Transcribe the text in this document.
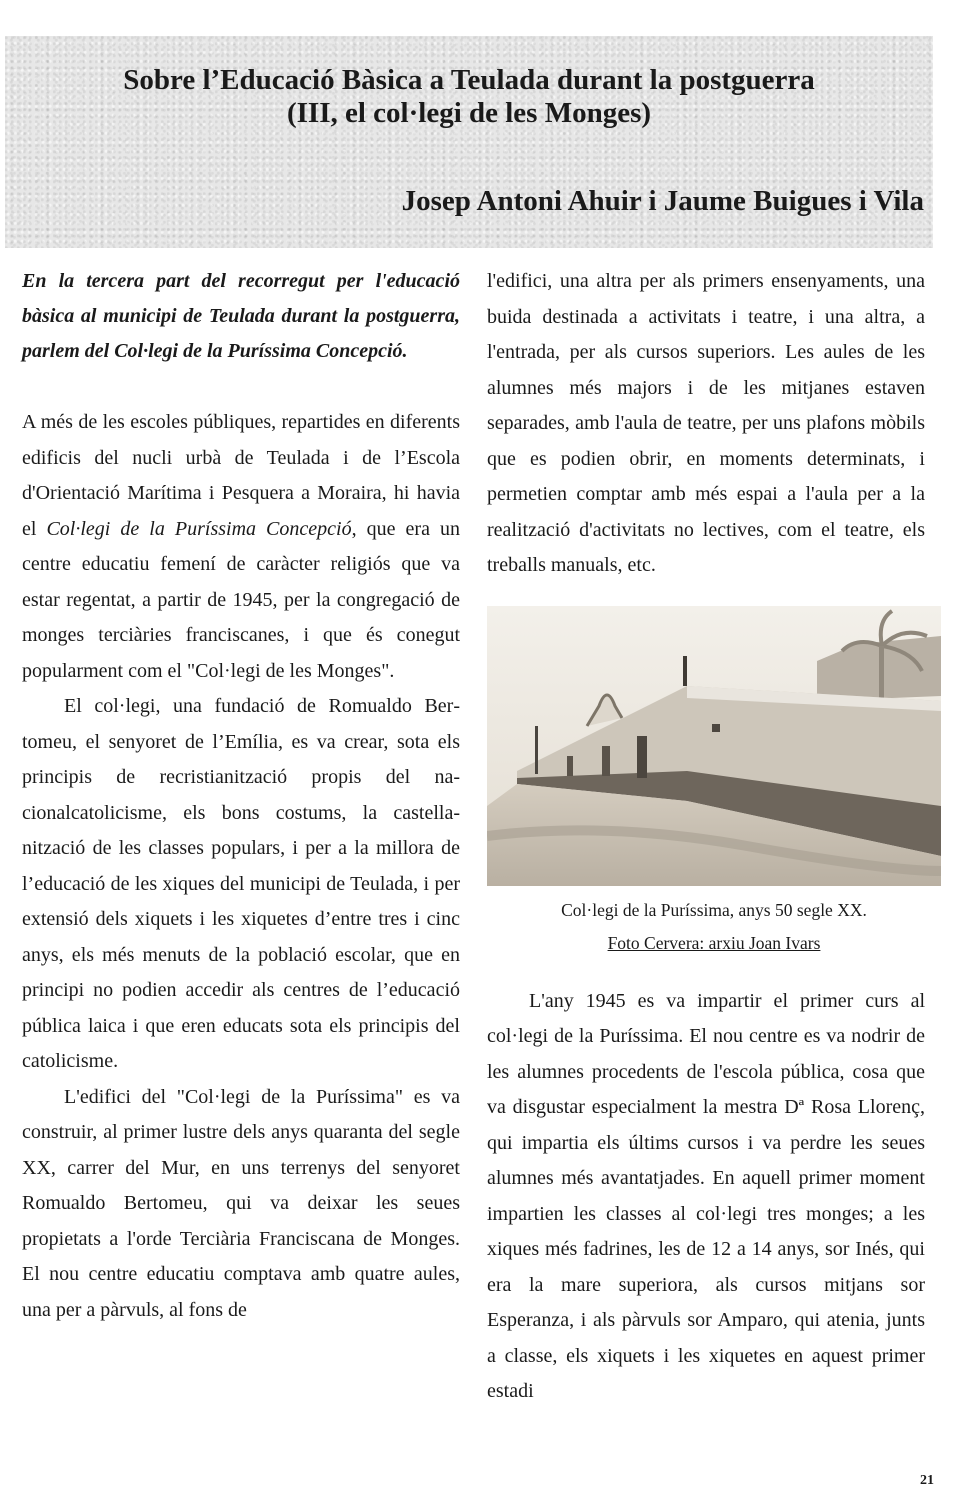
Sobre l’Educació Bàsica a Teulada durant la postguerra
(III, el col·legi de les Monges)

Josep Antoni Ahuir i Jaume Buigues i Vila

En la tercera part del recorregut per l'educació bàsica al municipi de Teulada durant la postguerra, parlem del Col·legi de la Puríssima Concepció.

A més de les escoles públiques, repartides en diferents edificis del nucli urbà de Teulada i de l’Escola d'Orientació Marítima i Pesquera a Moraira, hi havia el Col·legi de la Puríssima Concepció, que era un centre educatiu femení de caràcter religiós que va estar regentat, a partir de 1945, per la congregació de monges terciàries franciscanes, i que és conegut popularment com el "Col·legi de les Monges".

El col·legi, una fundació de Romualdo Bertomeu, el senyoret de l’Emília, es va crear, sota els principis de recristianització propis del nacionalcatolicisme, els bons costums, la castellanització de les classes populars, i per a la millora de l’educació de les xiques del municipi de Teulada, i per extensió dels xiquets i les xiquetes d’entre tres i cinc anys, els més menuts de la població escolar, que en principi no podien accedir als centres de l’educació pública laica i que eren educats sota els principis del catolicisme.

L'edifici del "Col·legi de la Puríssima" es va construir, al primer lustre dels anys quaranta del segle XX, carrer del Mur, en uns terrenys del senyoret Romualdo Bertomeu, qui va deixar les seues propietats a l'orde Terciària Franciscana de Monges. El nou centre educatiu comptava amb quatre aules, una per a pàrvuls, al fons de

l'edifici, una altra per als primers ensenyaments, una buida destinada a activitats i teatre, i una altra, a l'entrada, per als cursos superiors. Les aules de les alumnes més majors i de les mitjanes estaven separades, amb l'aula de teatre, per uns plafons mòbils que es podien obrir, en moments determinats, i permetien comptar amb més espai a l'aula per a la realització d'activitats no lectives, com el teatre, els treballs manuals, etc.

Col·legi de la Puríssima, anys 50 segle XX.
Foto Cervera: arxiu Joan Ivars

L'any 1945 es va impartir el primer curs al col·legi de la Puríssima. El nou centre es va nodrir de les alumnes procedents de l'escola pública, cosa que va disgustar especialment la mestra Dª Rosa Llorenç, qui impartia els últims cursos i va perdre les seues alumnes més avantatjades. En aquell primer moment impartien les classes al col·legi tres monges; a les xiques més fadrines, les de 12 a 14 anys, sor Inés, qui era la mare superiora, als cursos mitjans sor Esperanza, i als pàrvuls sor Amparo, qui atenia, junts a classe, els xiquets i les xiquetes en aquest primer estadi

21
